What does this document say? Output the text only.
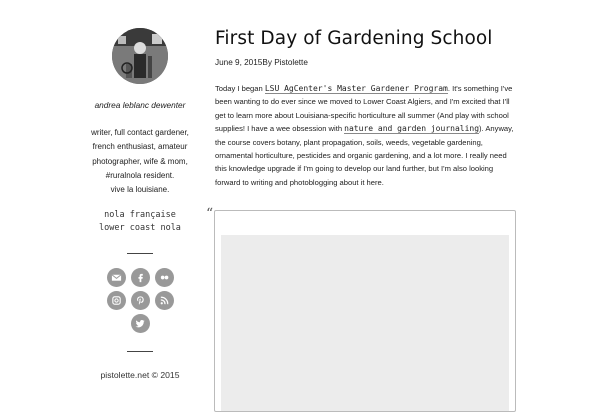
andrea leblanc dewenter
writer, full contact gardener,
french enthusiast, amateur
photographer, wife & mom,
#ruralnola resident.
vive la louisiane.
nola française
lower coast nola
pistolette.net © 2015
First Day of Gardening School
June 9, 2015By Pistolette
Today I began LSU AgCenter's Master Gardener Program. It's something I've been wanting to do ever since we moved to Lower Coast Algiers, and I'm excited that I'll get to learn more about Louisiana-specific horticulture all summer (And play with school supplies! I have a wee obsession with nature and garden journaling). Anyway, the course covers botany, plant propagation, soils, weeds, vegetable gardening, ornamental horticulture, pesticides and organic gardening, and a lot more. I really need this knowledge upgrade if I'm going to develop our land further, but I'm also looking forward to writing and photoblogging about it here.
“
